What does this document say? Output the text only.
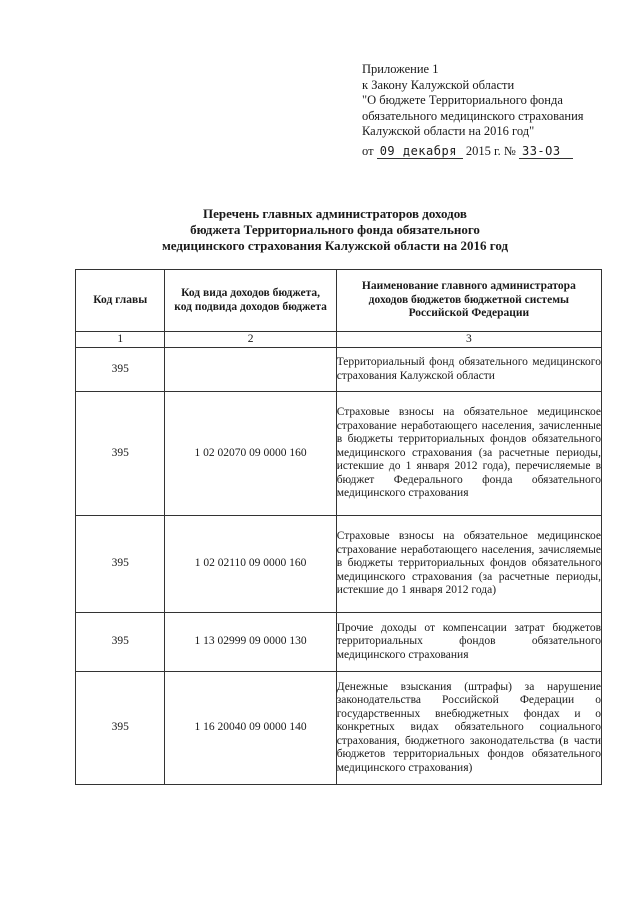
Приложение 1
к Закону Калужской области
"О бюджете Территориального фонда
обязательного медицинского страхования
Калужской области на 2016 год"
от 09 декабря 2015 г. № 33-ОЗ
Перечень главных администраторов доходов
бюджета Территориального фонда обязательного
медицинского страхования Калужской области на 2016 год
Код главы	Код вида доходов бюджета, код подвида доходов бюджета	Наименование главного администратора доходов бюджетов бюджетной системы Российской Федерации
1	2	3
395		Территориальный фонд обязательного медицинского страхования Калужской области
395	1 02 02070 09 0000 160	Страховые взносы на обязательное медицинское страхование неработающего населения, зачисленные в бюджеты территориальных фондов обязательного медицинского страхования (за расчетные периоды, истекшие до 1 января 2012 года), перечисляемые в бюджет Федерального фонда обязательного медицинского страхования
395	1 02 02110 09 0000 160	Страховые взносы на обязательное медицинское страхование неработающего населения, зачисляемые в бюджеты территориальных фондов обязательного медицинского страхования (за расчетные периоды, истекшие до 1 января 2012 года)
395	1 13 02999 09 0000 130	Прочие доходы от компенсации затрат бюджетов территориальных фондов обязательного медицинского страхования
395	1 16 20040 09 0000 140	Денежные взыскания (штрафы) за нарушение законодательства Российской Федерации о государственных внебюджетных фондах и о конкретных видах обязательного социального страхования, бюджетного законодательства (в части бюджетов территориальных фондов обязательного медицинского страхования)
